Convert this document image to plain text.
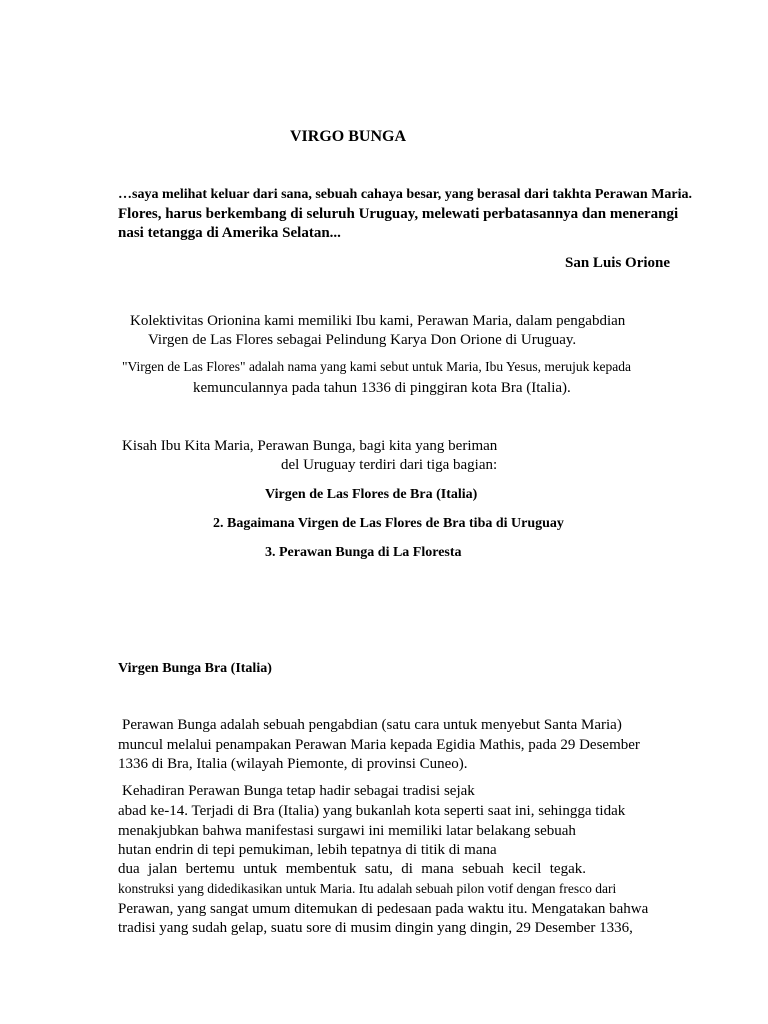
VIRGO BUNGA
…saya melihat keluar dari sana, sebuah cahaya besar, yang berasal dari takhta Perawan Maria.
Flores, harus berkembang di seluruh Uruguay, melewati perbatasannya dan menerangi
nasi tetangga di Amerika Selatan...
San Luis Orione
Kolektivitas Orionina kami memiliki Ibu kami, Perawan Maria, dalam pengabdian
Virgen de Las Flores sebagai Pelindung Karya Don Orione di Uruguay.
"Virgen de Las Flores" adalah nama yang kami sebut untuk Maria, Ibu Yesus, merujuk kepada
kemunculannya pada tahun 1336 di pinggiran kota Bra (Italia).
Kisah Ibu Kita Maria, Perawan Bunga, bagi kita yang beriman
del Uruguay terdiri dari tiga bagian:
Virgen de Las Flores de Bra (Italia)
2. Bagaimana Virgen de Las Flores de Bra tiba di Uruguay
3. Perawan Bunga di La Floresta
Virgen Bunga Bra (Italia)
Perawan Bunga adalah sebuah pengabdian (satu cara untuk menyebut Santa Maria)
muncul melalui penampakan Perawan Maria kepada Egidia Mathis, pada 29 Desember
1336 di Bra, Italia (wilayah Piemonte, di provinsi Cuneo).
Kehadiran Perawan Bunga tetap hadir sebagai tradisi sejak
abad ke-14. Terjadi di Bra (Italia) yang bukanlah kota seperti saat ini, sehingga tidak
menakjubkan bahwa manifestasi surgawi ini memiliki latar belakang sebuah
hutan endrin di tepi pemukiman, lebih tepatnya di titik di mana
dua jalan bertemu untuk membentuk satu, di mana sebuah kecil tegak.
konstruksi yang didedikasikan untuk Maria. Itu adalah sebuah pilon votif dengan fresco dari
Perawan, yang sangat umum ditemukan di pedesaan pada waktu itu. Mengatakan bahwa
tradisi yang sudah gelap, suatu sore di musim dingin yang dingin, 29 Desember 1336,
